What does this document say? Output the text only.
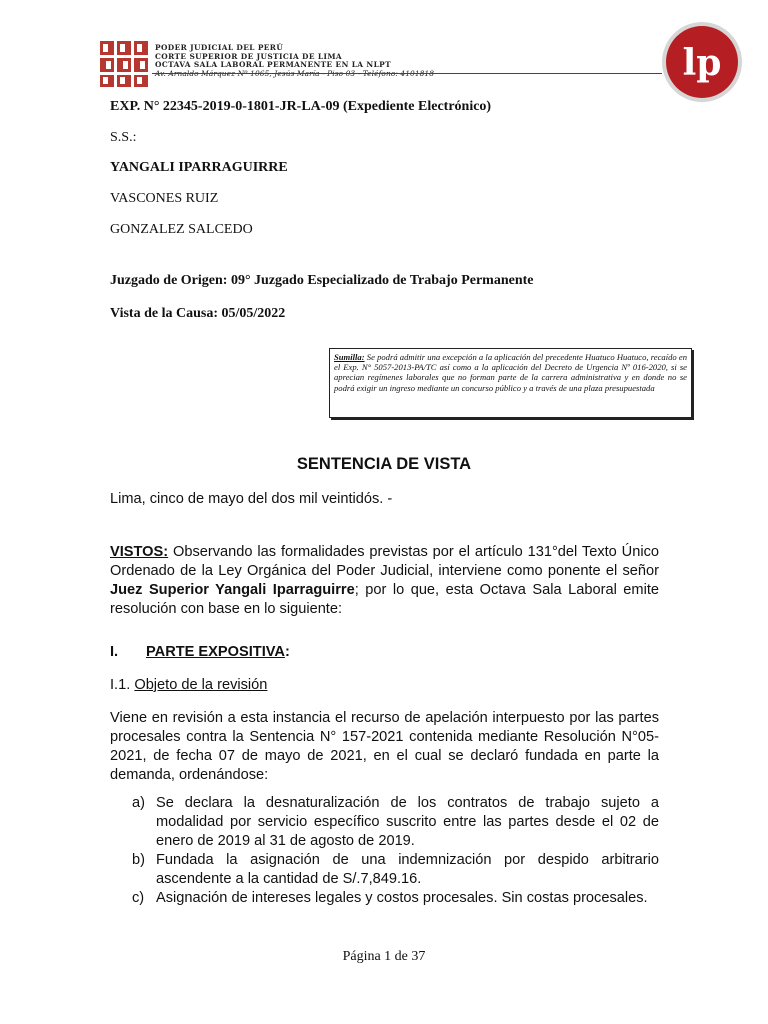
PODER JUDICIAL DEL PERÚ
CORTE SUPERIOR DE JUSTICIA DE LIMA
OCTAVA SALA LABORAL PERMANENTE EN LA NLPT
Av. Arnaldo Márquez Nº 1065, Jesús María - Piso 03 - Teléfono: 4101818	lp
EXP. N° 22345-2019-0-1801-JR-LA-09 (Expediente Electrónico)
S.S.:
YANGALI IPARRAGUIRRE
VASCONES RUIZ
GONZALEZ SALCEDO
Juzgado de Origen: 09° Juzgado Especializado de Trabajo Permanente
Vista de la Causa: 05/05/2022
Sumilla: Se podrá admitir una excepción a la aplicación del precedente Huatuco Huatuco, recaído en el Exp. N° 5057-2013-PA/TC así como a la aplicación del Decreto de Urgencia Nº 016-2020, si se aprecian regímenes laborales que no forman parte de la carrera administrativa y en donde no se podrá exigir un ingreso mediante un concurso público y a través de una plaza presupuestada
SENTENCIA DE VISTA
Lima, cinco de mayo del dos mil veintidós. -
VISTOS: Observando las formalidades previstas por el artículo 131°del Texto Único Ordenado de la Ley Orgánica del Poder Judicial, interviene como ponente el señor Juez Superior Yangali Iparraguirre; por lo que, esta Octava Sala Laboral emite resolución con base en lo siguiente:
I. PARTE EXPOSITIVA:
I.1. Objeto de la revisión
Viene en revisión a esta instancia el recurso de apelación interpuesto por las partes procesales contra la Sentencia N° 157-2021 contenida mediante Resolución N°05-2021, de fecha 07 de mayo de 2021, en el cual se declaró fundada en parte la demanda, ordenándose:
a) Se declara la desnaturalización de los contratos de trabajo sujeto a modalidad por servicio específico suscrito entre las partes desde el 02 de enero de 2019 al 31 de agosto de 2019.
b) Fundada la asignación de una indemnización por despido arbitrario ascendente a la cantidad de S/.7,849.16.
c) Asignación de intereses legales y costos procesales. Sin costas procesales.
Página 1 de 37
